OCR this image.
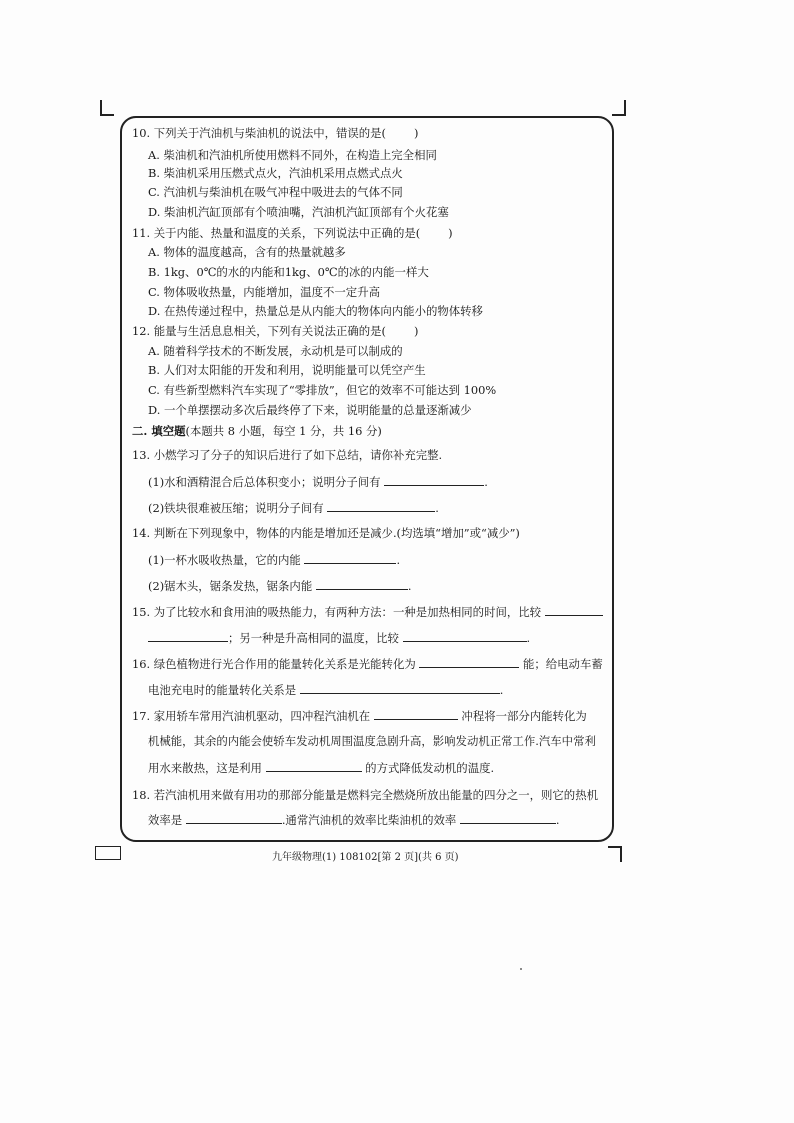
10. 下列关于汽油机与柴油机的说法中，错误的是( )
A. 柴油机和汽油机所使用燃料不同外，在构造上完全相同
B. 柴油机采用压燃式点火，汽油机采用点燃式点火
C. 汽油机与柴油机在吸气冲程中吸进去的气体不同
D. 柴油机汽缸顶部有个喷油嘴，汽油机汽缸顶部有个火花塞
11. 关于内能、热量和温度的关系，下列说法中正确的是( )
A. 物体的温度越高，含有的热量就越多
B. 1kg、0℃的水的内能和1kg、0℃的冰的内能一样大
C. 物体吸收热量，内能增加，温度不一定升高
D. 在热传递过程中，热量总是从内能大的物体向内能小的物体转移
12. 能量与生活息息相关，下列有关说法正确的是( )
A. 随着科学技术的不断发展，永动机是可以制成的
B. 人们对太阳能的开发和利用，说明能量可以凭空产生
C. 有些新型燃料汽车实现了“零排放”，但它的效率不可能达到 100%
D. 一个单摆摆动多次后最终停了下来，说明能量的总量逐渐减少
二. 填空题(本题共 8 小题，每空 1 分，共 16 分)
13. 小燃学习了分子的知识后进行了如下总结，请你补充完整.
(1)水和酒精混合后总体积变小；说明分子间有	.
(2)铁块很难被压缩；说明分子间有	.
14. 判断在下列现象中，物体的内能是增加还是减少.(均选填“增加”或“减少”)
(1)一杯水吸收热量，它的内能	.
(2)锯木头，锯条发热，锯条内能	.
15. 为了比较水和食用油的吸热能力，有两种方法：一种是加热相同的时间，比较
；另一种是升高相同的温度，比较	.
16. 绿色植物进行光合作用的能量转化关系是光能转化为	能；给电动车蓄
电池充电时的能量转化关系是	.
17. 家用轿车常用汽油机驱动，四冲程汽油机在	冲程将一部分内能转化为
机械能，其余的内能会使轿车发动机周围温度急剧升高，影响发动机正常工作.汽车中常利
用水来散热，这是利用	的方式降低发动机的温度.
18. 若汽油机用来做有用功的那部分能量是燃料完全燃烧所放出能量的四分之一，则它的热机
效率是	.通常汽油机的效率比柴油机的效率	.
九年级物理(1) 108102[第 2 页](共 6 页)
